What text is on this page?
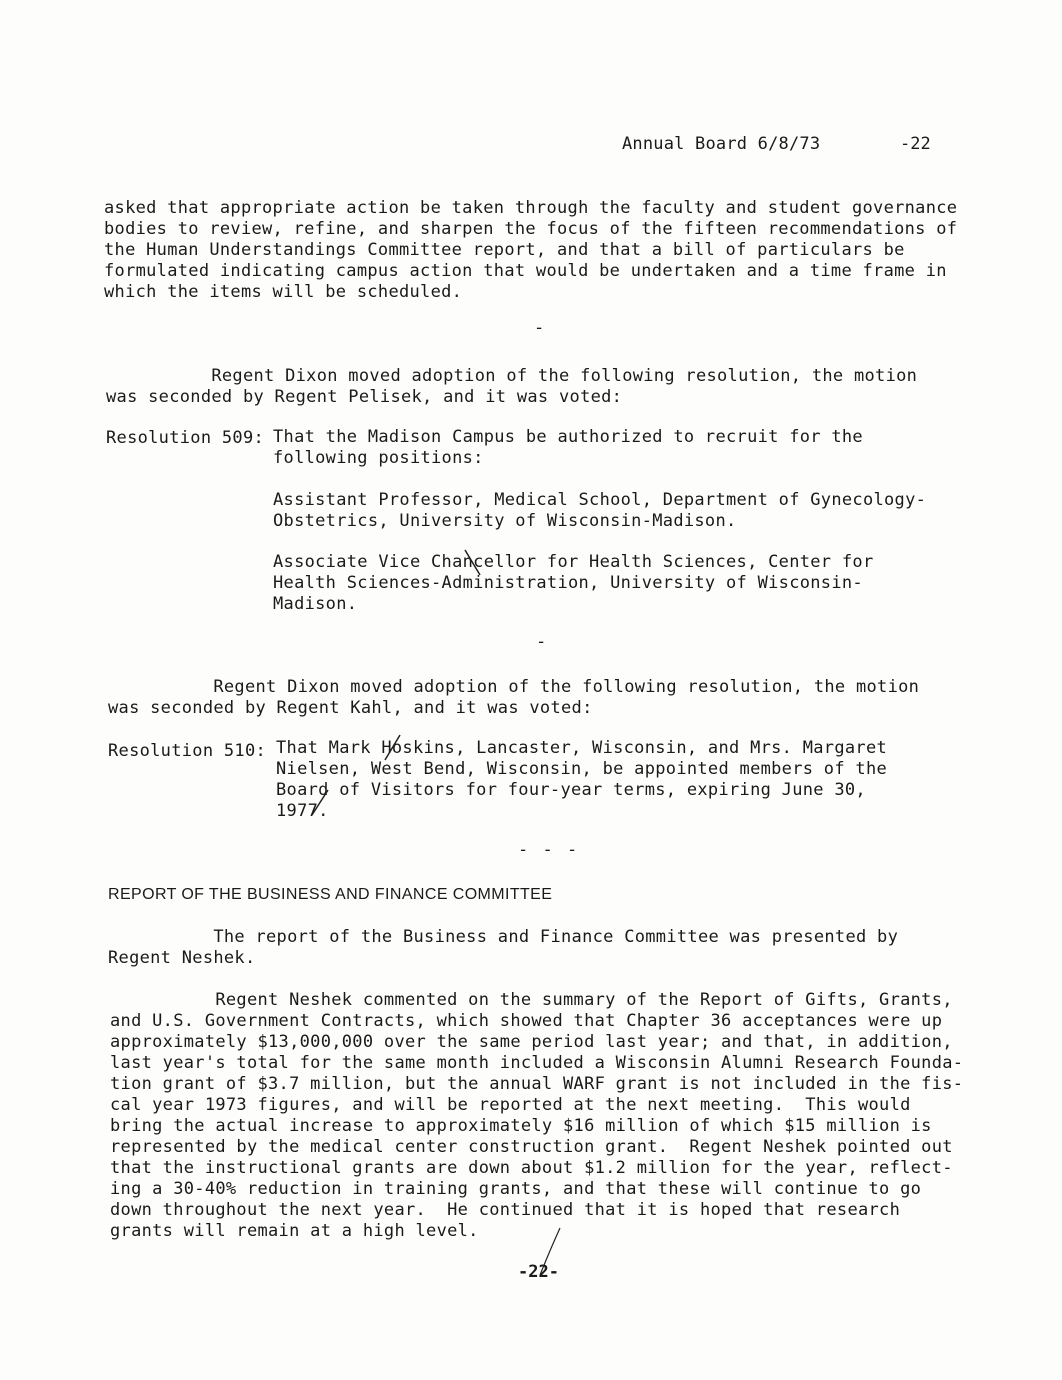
Annual Board 6/8/73	-22
asked that appropriate action be taken through the faculty and student governance
bodies to review, refine, and sharpen the focus of the fifteen recommendations of
the Human Understandings Committee report, and that a bill of particulars be
formulated indicating campus action that would be undertaken and a time frame in
which the items will be scheduled.
-
Regent Dixon moved adoption of the following resolution, the motion
was seconded by Regent Pelisek, and it was voted:
Resolution 509: That the Madison Campus be authorized to recruit for the
following positions:
Assistant Professor, Medical School, Department of Gynecology-
Obstetrics, University of Wisconsin-Madison.
Associate Vice Chancellor for Health Sciences, Center for
Health Sciences-Administration, University of Wisconsin-
Madison.
-
Regent Dixon moved adoption of the following resolution, the motion
was seconded by Regent Kahl, and it was voted:
Resolution 510: That Mark Hoskins, Lancaster, Wisconsin, and Mrs. Margaret
Nielsen, West Bend, Wisconsin, be appointed members of the
Board of Visitors for four-year terms, expiring June 30,
1977.
- - -
REPORT OF THE BUSINESS AND FINANCE COMMITTEE
The report of the Business and Finance Committee was presented by
Regent Neshek.
Regent Neshek commented on the summary of the Report of Gifts, Grants,
and U.S. Government Contracts, which showed that Chapter 36 acceptances were up
approximately $13,000,000 over the same period last year; and that, in addition,
last year's total for the same month included a Wisconsin Alumni Research Founda-
tion grant of $3.7 million, but the annual WARF grant is not included in the fis-
cal year 1973 figures, and will be reported at the next meeting.  This would
bring the actual increase to approximately $16 million of which $15 million is
represented by the medical center construction grant.  Regent Neshek pointed out
that the instructional grants are down about $1.2 million for the year, reflect-
ing a 30-40% reduction in training grants, and that these will continue to go
down throughout the next year.  He continued that it is hoped that research
grants will remain at a high level.
-22-
